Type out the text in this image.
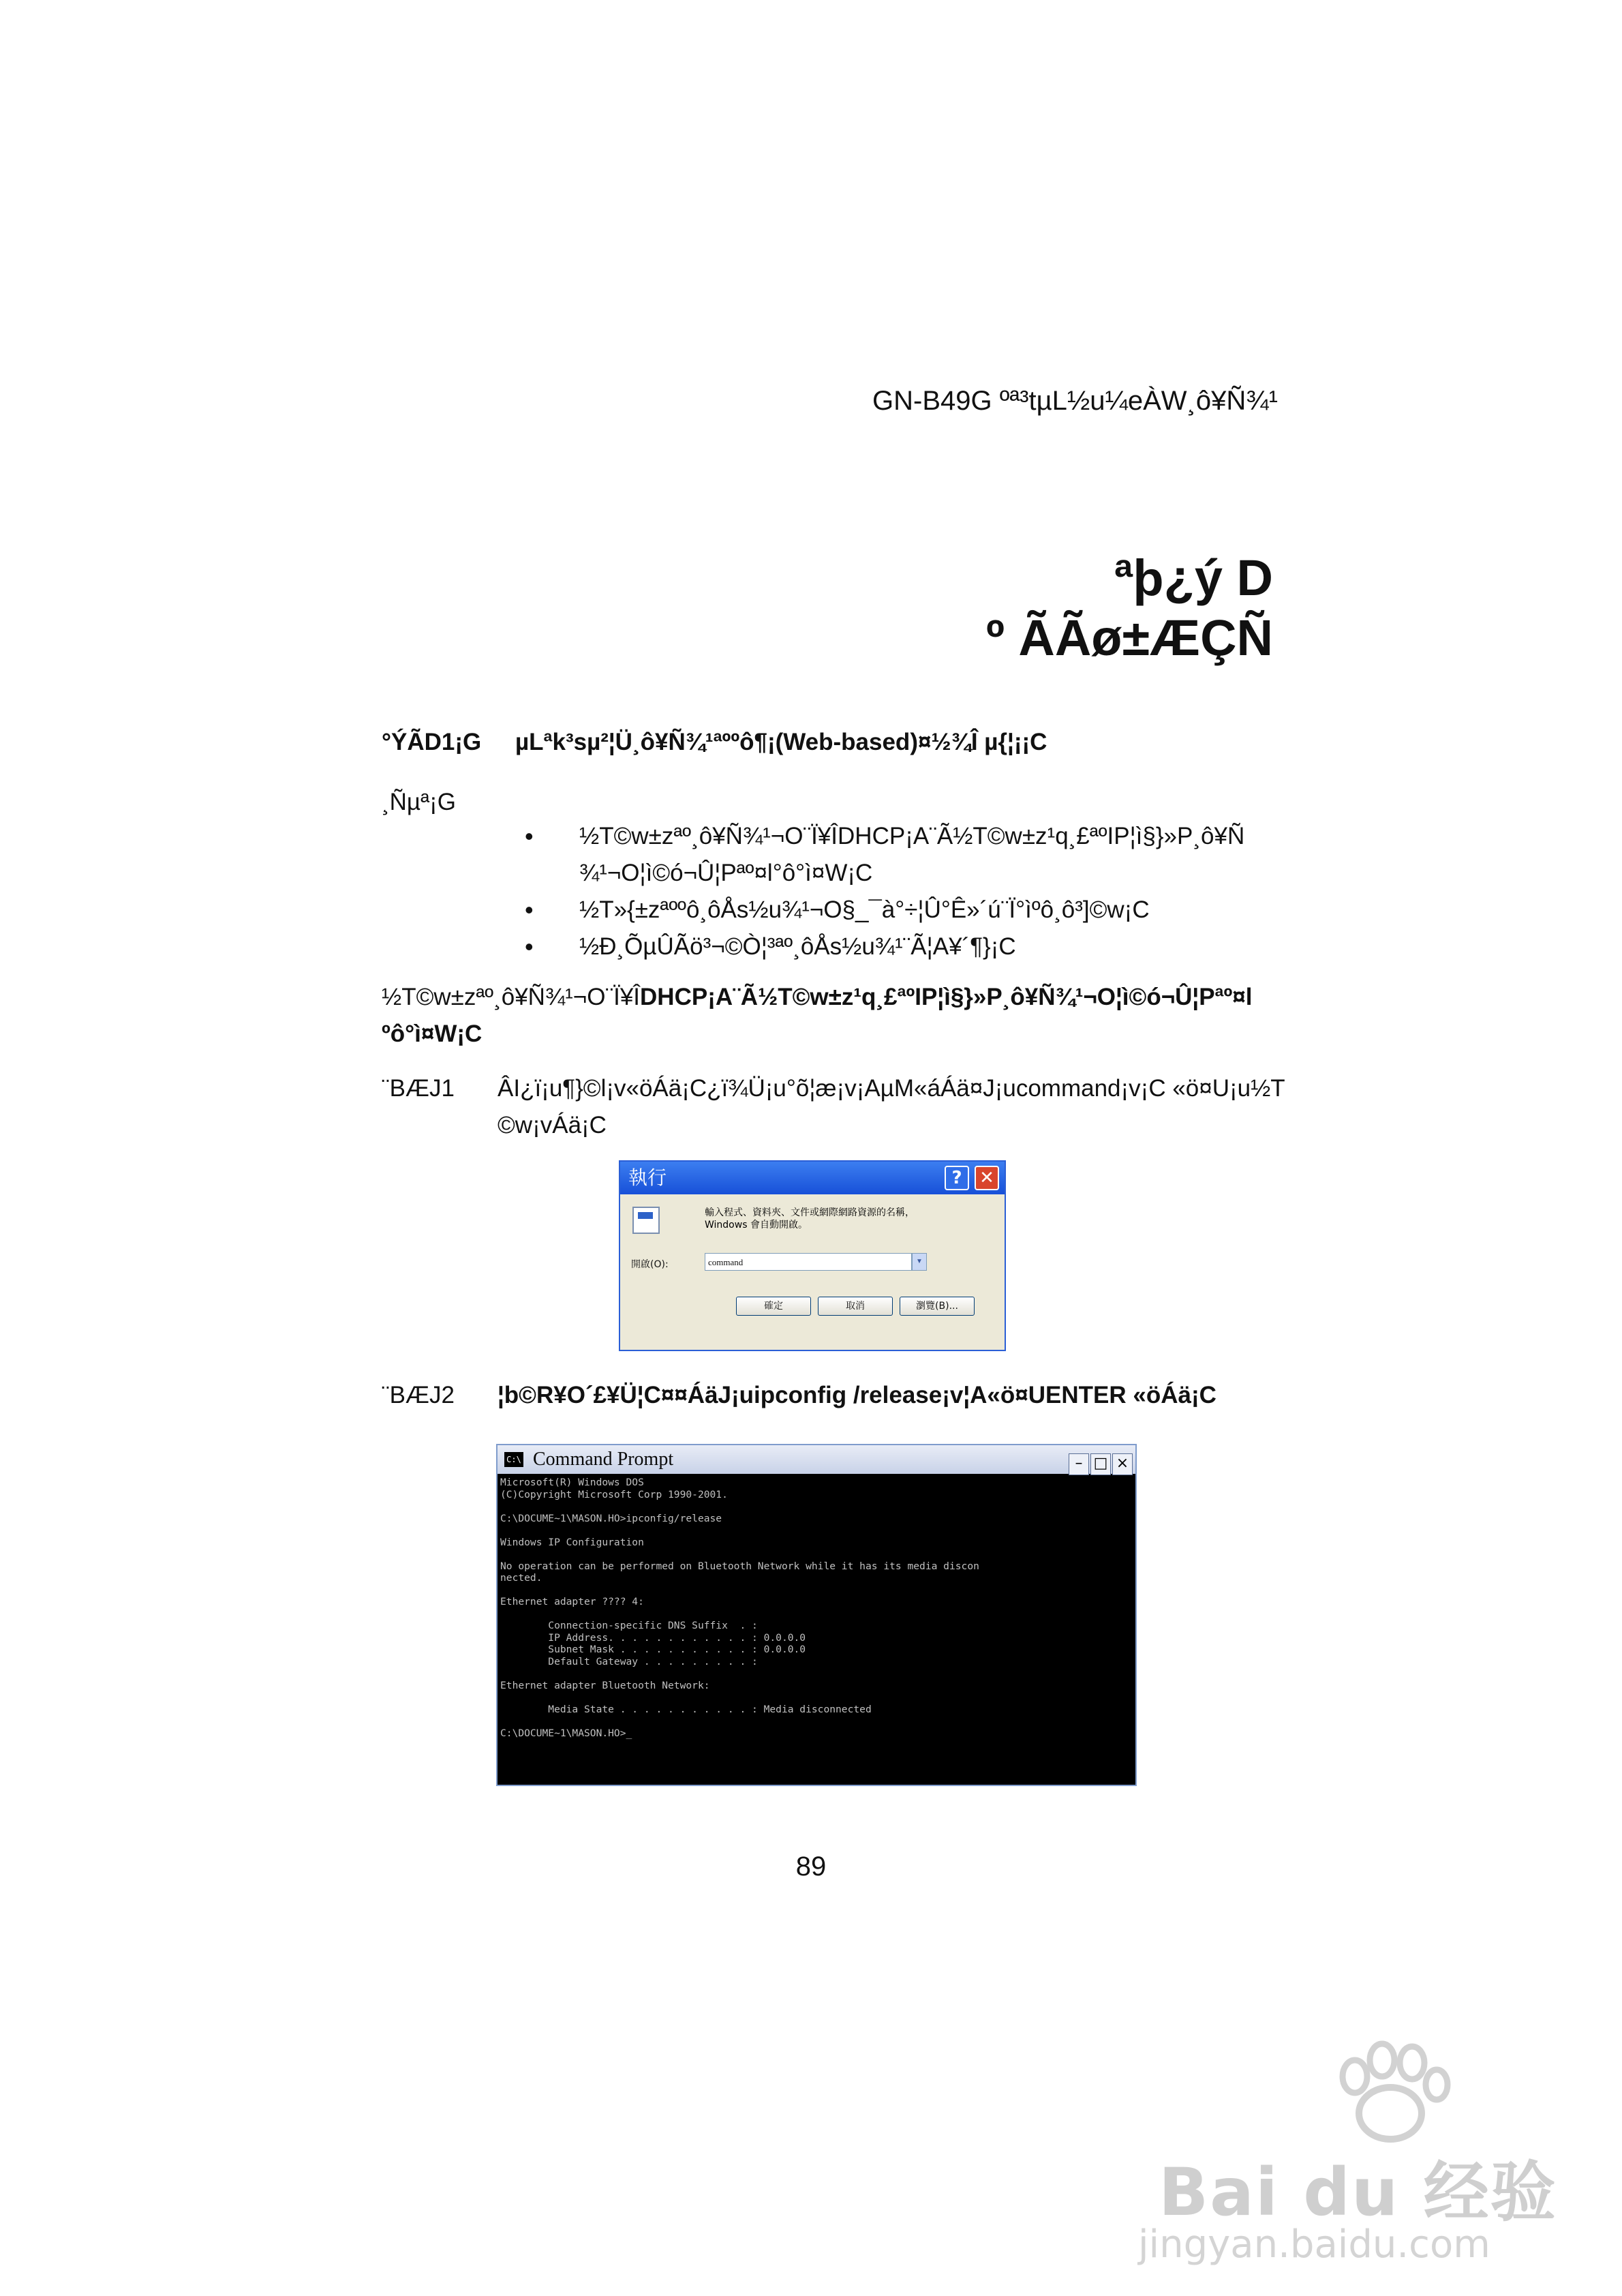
GN-B49G ºª³tµL½u¼eÀW¸ô¥Ñ¾¹
ªþ¿ý D
º ÃÃø±ÆÇÑ
°ÝÃD1¡G µLªk³sµ²¦Ü¸ô¥Ñ¾¹ªººô¶¡(Web-based)¤½¾Î µ{¦¡¡C
¸Ñµª¡G
• ½T©w±zªº¸ô¥Ñ¾¹¬O¨Ï¥ÎDHCP¡A¨Ã½T©w±z¹q¸£ªºIP¦ì§}»P¸ô¥Ñ
¾¹¬O¦ì©ó¬Û¦Pªº¤l°ô°ì¤W¡C
• ½T»{±zªººô¸ôÅs½u¾¹¬O§_¯à°÷¦Û°Ê»´ú¨Ï°ìºô¸ô³]©w¡C
• ½Ð¸ÕµÛÃö³¬©Ò¦³ªº¸ôÅs½u¾¹¨Ã¦A¥´¶}¡C
½T©w±zªº¸ô¥Ñ¾¹¬O¨Ï¥ÎDHCP¡A¨Ã½T©w±z¹q¸£ªºIP¦ì§}»P¸ô¥Ñ¾¹¬O¦ì©ó¬Û¦Pªº¤l
ºô°ì¤W¡C
¨BÆJ1 ÂI¿ï¡u¶}©l¡v«öÁä¡C¿ï¾Ü¡u°õ¦æ¡v¡AµM«áÁä¤J¡ucommand¡v¡C «ö¤U¡u½T
©w¡vÁä¡C
執行	? ✕
輸入程式、資料夾、文件或網際網路資源的名稱，
Windows 會自動開啟。
開啟(O):	command	▼
確定	取消	瀏覽(B)...
¨BÆJ2 ¦b©R¥O´£¥Ü¦C¤¤ÁäJ¡uipconfig /release¡v¦A«ö¤UENTER «öÁä¡C
C:\ Command Prompt	– □ ×
Microsoft(R) Windows DOS
(C)Copyright Microsoft Corp 1990-2001.

C:\DOCUME~1\MASON.HO>ipconfig/release

Windows IP Configuration

No operation can be performed on Bluetooth Network while it has its media discon
nected.

Ethernet adapter ???? 4:

Connection-specific DNS Suffix  . :
IP Address. . . . . . . . . . . . : 0.0.0.0
Subnet Mask . . . . . . . . . . . : 0.0.0.0
Default Gateway . . . . . . . . . :

Ethernet adapter Bluetooth Network:

Media State . . . . . . . . . . . : Media disconnected

C:\DOCUME~1\MASON.HO>_
89
Bai du 经验
jingyan.baidu.com
